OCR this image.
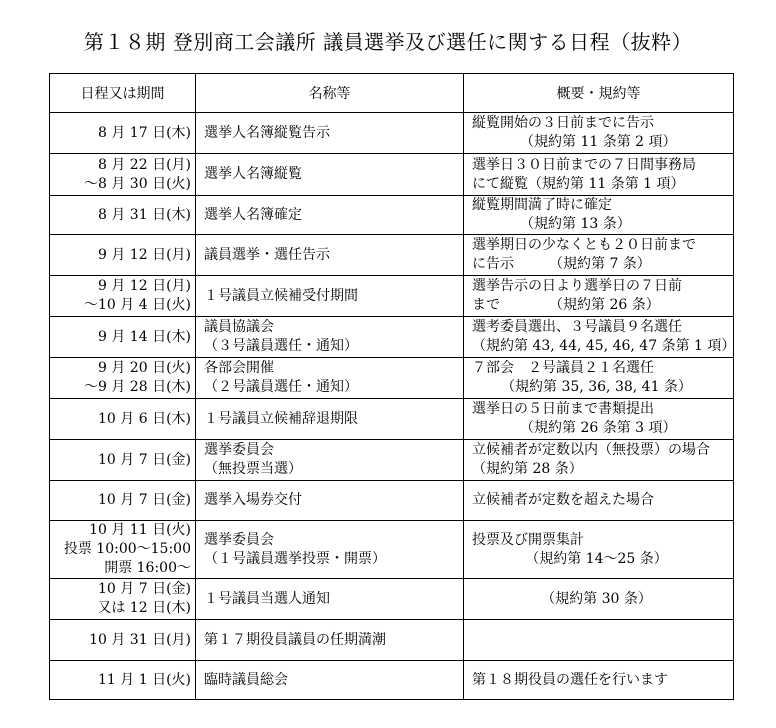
第１８期 登別商工会議所 議員選挙及び選任に関する日程（抜粋）
日程又は期間	名称等	概要・規約等

8 月 17 日(木)	選挙人名簿縦覧告示	縦覧開始の３日前までに告示
（規約第 11 条第 2 項）

8 月 22 日(月)
〜8 月 30 日(火)	選挙人名簿縦覧	選挙日３０日前までの７日間事務局
にて縦覧（規約第 11 条第 1 項）

8 月 31 日(木)	選挙人名簿確定	縦覧期間満了時に確定
（規約第 13 条）

9 月 12 日(月)	議員選挙・選任告示	選挙期日の少なくとも２０日前まで
に告示　　　（規約第 7 条）

9 月 12 日(月)
〜10 月 4 日(火)	１号議員立候補受付期間	選挙告示の日より選挙日の７日前
まで　　　　（規約第 26 条）

9 月 14 日(木)	議員協議会
（３号議員選任・通知）	選考委員選出、３号議員９名選任
（規約第 43, 44, 45, 46, 47 条第 1 項）

9 月 20 日(火)
〜9 月 28 日(木)	各部会開催
（２号議員選任・通知）	７部会　２号議員２１名選任
（規約第 35, 36, 38, 41 条）

10 月 6 日(木)	１号議員立候補辞退期限	選挙日の５日前まで書類提出
（規約第 26 条第 3 項）

10 月 7 日(金)	選挙委員会
（無投票当選）	立候補者が定数以内（無投票）の場合
（規約第 28 条）

10 月 7 日(金)	選挙入場券交付	立候補者が定数を超えた場合

10 月 11 日(火)
投票 10:00〜15:00
開票 16:00〜	選挙委員会
（１号議員選挙投票・開票）	投票及び開票集計
（規約第 14〜25 条）

10 月 7 日(金)
又は 12 日(木)	１号議員当選人通知	（規約第 30 条）

10 月 31 日(月)	第１７期役員議員の任期満潮	

11 月 1 日(火)	臨時議員総会	第１８期役員の選任を行います
